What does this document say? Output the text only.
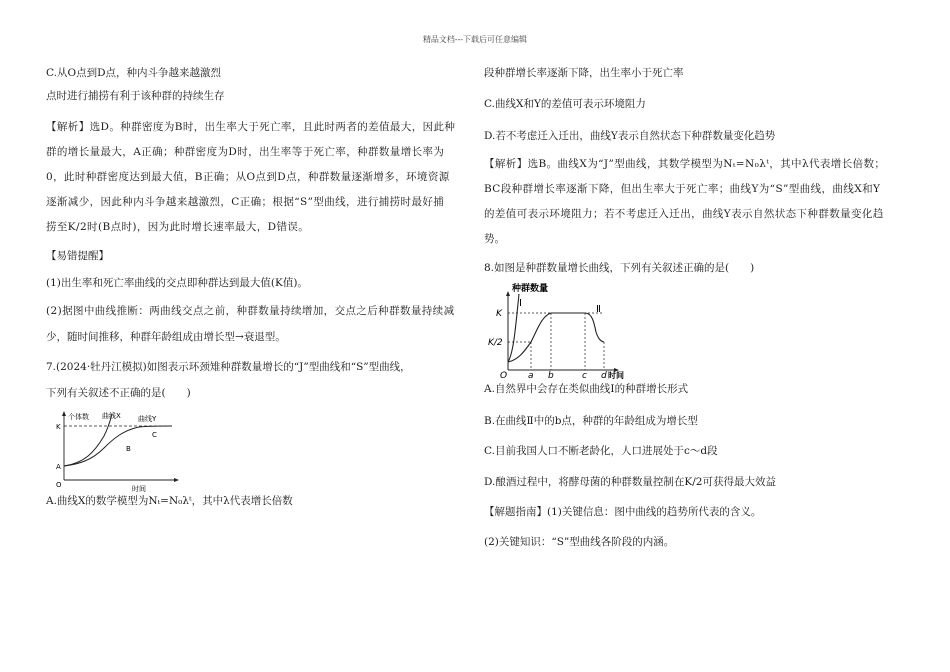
精品文档---下载后可任意编辑
C.从O点到D点，种内斗争越来越激烈
点时进行捕捞有利于该种群的持续生存
【解析】选D。种群密度为B时，出生率大于死亡率，且此时两者的差值最大，因此种
群的增长量最大，A正确；种群密度为D时，出生率等于死亡率，种群数量增长率为
0，此时种群密度达到最大值，B正确；从O点到D点，种群数量逐渐增多，环境资源
逐渐减少，因此种内斗争越来越激烈，C正确；根据“S”型曲线，进行捕捞时最好捕
捞至K/2时(B点时)，因为此时增长速率最大，D错误。
【易错提醒】
(1)出生率和死亡率曲线的交点即种群达到最大值(K值)。
(2)据图中曲线推断：两曲线交点之前，种群数量持续增加，交点之后种群数量持续减
少，随时间推移，种群年龄组成由增长型→衰退型。
7.(2024·牡丹江模拟)如图表示环颈雉种群数量增长的“J”型曲线和“S”型曲线，
下列有关叙述不正确的是(　　)
个体数
K
A
O
曲线X 曲线Y
C
B
时间
A.曲线X的数学模型为Nₜ=N₀λᵗ，其中λ代表增长倍数
段种群增长率逐渐下降，出生率小于死亡率
C.曲线X和Y的差值可表示环境阻力
D.若不考虑迁入迁出，曲线Y表示自然状态下种群数量变化趋势
【解析】选B。曲线X为“J”型曲线，其数学模型为Nₜ=N₀λᵗ，其中λ代表增长倍数；
BC段种群增长率逐渐下降，但出生率大于死亡率；曲线Y为“S”型曲线，曲线X和Y
的差值可表示环境阻力；若不考虑迁入迁出，曲线Y表示自然状态下种群数量变化趋
势。
8.如图是种群数量增长曲线，下列有关叙述正确的是(　　)
种群数量
K
K/2
O
Ⅰ
Ⅱ
a b	c d 时间
A.自然界中会存在类似曲线Ⅰ的种群增长形式
B.在曲线Ⅱ中的b点，种群的年龄组成为增长型
C.目前我国人口不断老龄化，人口进展处于c～d段
D.酿酒过程中，将酵母菌的种群数量控制在K/2可获得最大效益
【解题指南】(1)关键信息：图中曲线的趋势所代表的含义。
(2)关键知识：“S”型曲线各阶段的内涵。
